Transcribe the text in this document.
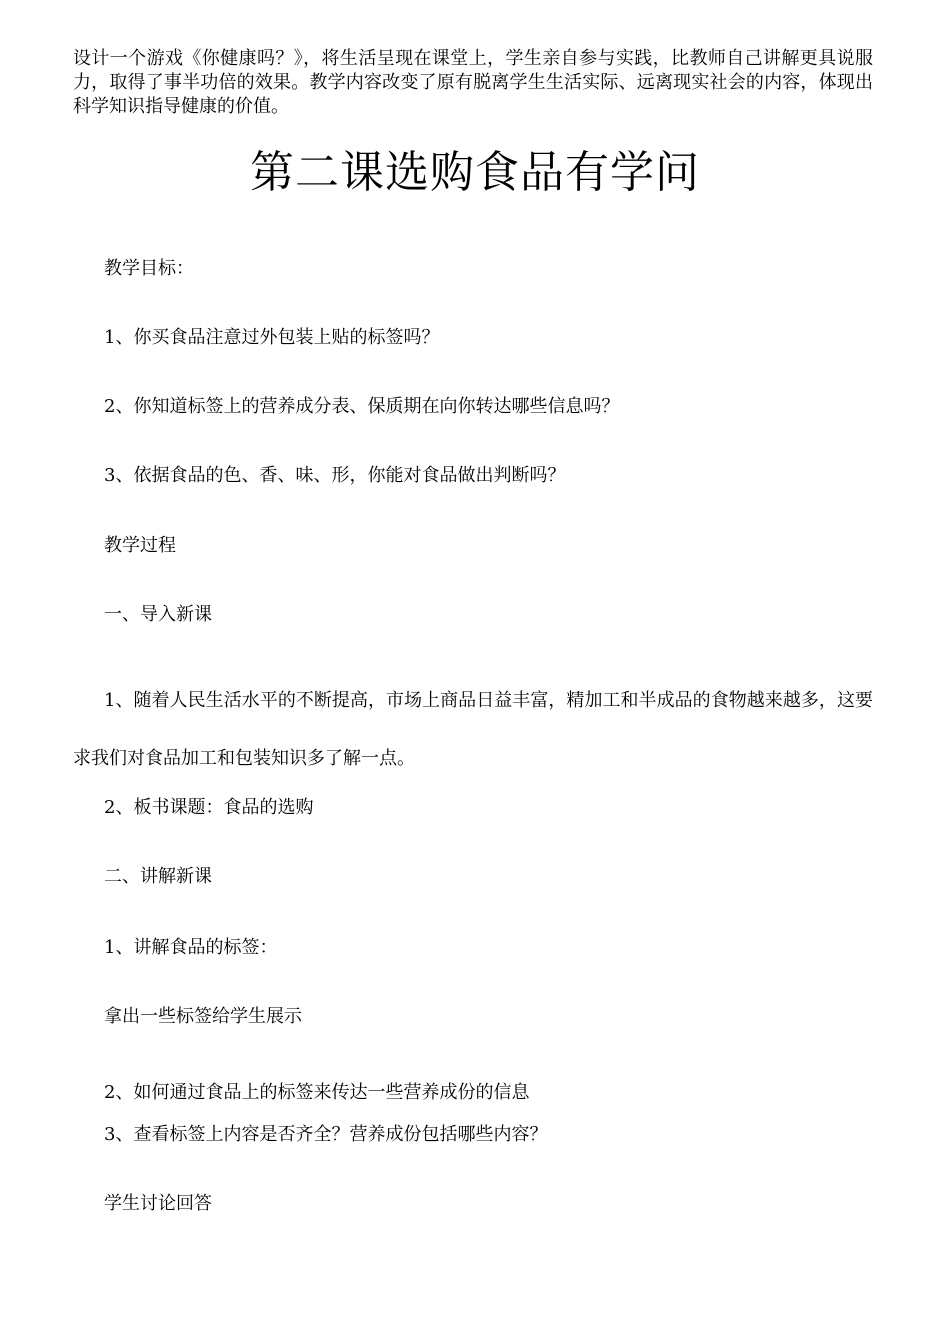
设计一个游戏《你健康吗？》，将生活呈现在课堂上，学生亲自参与实践，比教师自己讲解更具说服力，取得了事半功倍的效果。教学内容改变了原有脱离学生生活实际、远离现实社会的内容，体现出科学知识指导健康的价值。

第二课选购食品有学问

教学目标：

1、你买食品注意过外包装上贴的标签吗？

2、你知道标签上的营养成分表、保质期在向你转达哪些信息吗？

3、依据食品的色、香、味、形，你能对食品做出判断吗？

教学过程

一、导入新课

1、随着人民生活水平的不断提高，市场上商品日益丰富，精加工和半成品的食物越来越多，这要求我们对食品加工和包装知识多了解一点。

2、板书课题：食品的选购

二、讲解新课

1、讲解食品的标签：

拿出一些标签给学生展示

2、如何通过食品上的标签来传达一些营养成份的信息

3、查看标签上内容是否齐全？营养成份包括哪些内容？

学生讨论回答
